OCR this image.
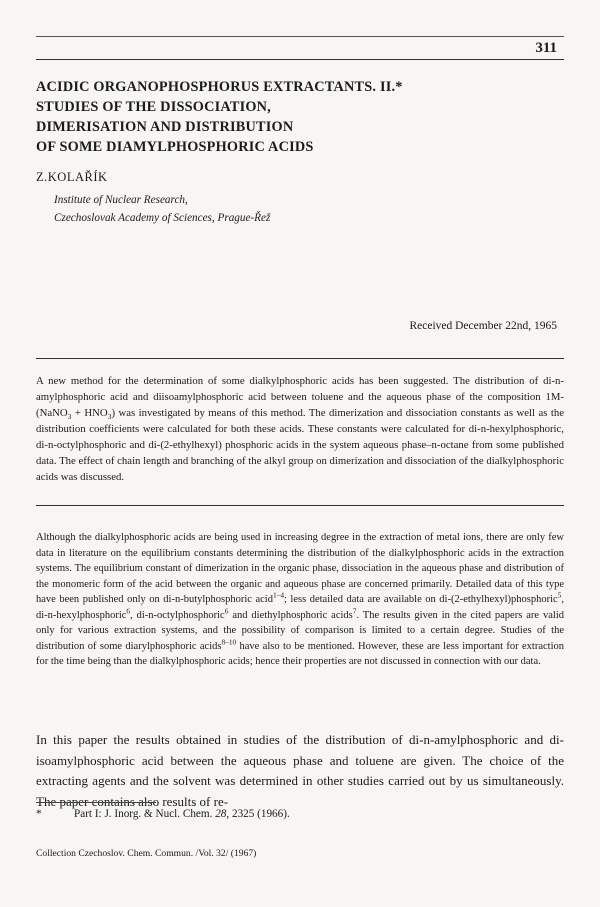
311
ACIDIC ORGANOPHOSPHORUS EXTRACTANTS. II.*
STUDIES OF THE DISSOCIATION,
DIMERISATION AND DISTRIBUTION
OF SOME DIAMYLPHOSPHORIC ACIDS
Z.KOLAŘÍK
Institute of Nuclear Research,
Czechoslovak Academy of Sciences, Prague-Řež
Received December 22nd, 1965
A new method for the determination of some dialkylphosphoric acids has been suggested. The distribution of di-n-amylphosphoric acid and diisoamylphosphoric acid between toluene and the aqueous phase of the composition 1M-(NaNO$_3$ + $HNO_3$) was investigated by means of this method. The dimerization and dissociation constants as well as the distribution coefficients were calculated for both these acids. These constants were calculated for di-n-hexylphosphoric, di-n-octylphosphoric and di-(2-ethylhexyl) phosphoric acids in the system aqueous phase–n-octane from some published data. The effect of chain length and branching of the alkyl group on dimerization and dissociation of the dialkylphosphoric acids was discussed.
Although the dialkylphosphoric acids are being used in increasing degree in the extraction of metal ions, there are only few data in literature on the equilibrium constants determining the distribution of the dialkylphosphoric acids in the extraction systems. The equilibrium constant of dimerization in the organic phase, dissociation in the aqueous phase and distribution of the monomeric form of the acid between the organic and aqueous phase are concerned primarily. Detailed data of this type have been published only on di-n-butylphosphoric acid$^{1-4}$; less detailed data are available on di-(2-ethylhexyl)phosphoric$^5$, di-n-hexylphosphoric$^6$, di-n-octylphosphoric$^6$ and diethylphosphoric acids$^7$. The results given in the cited papers are valid only for various extraction systems, and the possibility of comparison is limited to a certain degree. Studies of the distribution of some diarylphosphoric acids$^{8-10}$ have also to be mentioned. However, these are less important for extraction for the time being than the dialkylphosphoric acids; hence their properties are not discussed in connection with our data.
In this paper the results obtained in studies of the distribution of di-n-amylphosphoric and di-isoamylphosphoric acid between the aqueous phase and toluene are given. The choice of the extracting agents and the solvent was determined in other studies carried out by us simultaneously. The paper contains also results of re-
*	Part I: J. Inorg. & Nucl. Chem. 28, 2325 (1966).
Collection Czechoslov. Chem. Commun. /Vol. 32/ (1967)
